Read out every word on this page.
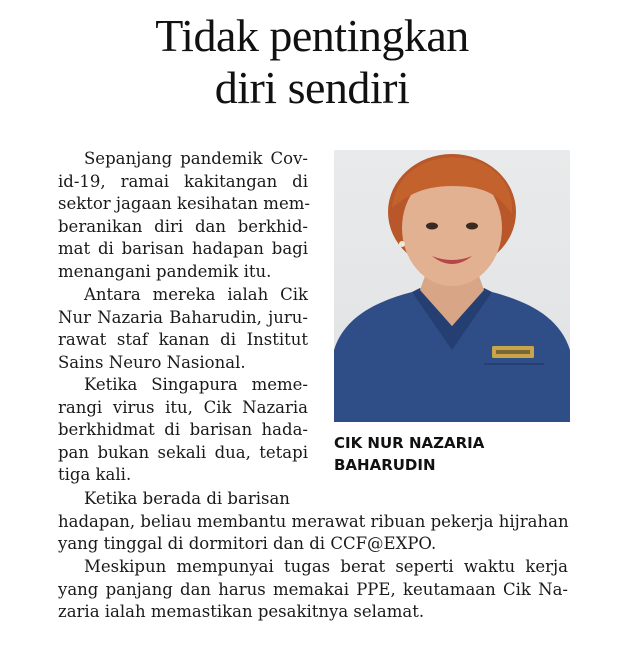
Tidak pentingkan
diri sendiri
Sepanjang pandemik Cov-
id-19, ramai kakitangan di
sektor jagaan kesihatan mem-
beranikan diri dan berkhid-
mat di barisan hadapan bagi
menangani pandemik itu.
Antara mereka ialah Cik
Nur Nazaria Baharudin, juru-
rawat staf kanan di Institut
Sains Neuro Nasional.
Ketika Singapura meme-
rangi virus itu, Cik Nazaria
berkhidmat di barisan hada-
pan bukan sekali dua, tetapi
tiga kali.
Ketika berada di barisan
hadapan, beliau membantu merawat ribuan pekerja hijrahan
yang tinggal di dormitori dan di CCF@EXPO.
Meskipun mempunyai tugas berat seperti waktu kerja
yang panjang dan harus memakai PPE, keutamaan Cik Na-
zaria ialah memastikan pesakitnya selamat.
CIK NUR NAZARIA
BAHARUDIN
